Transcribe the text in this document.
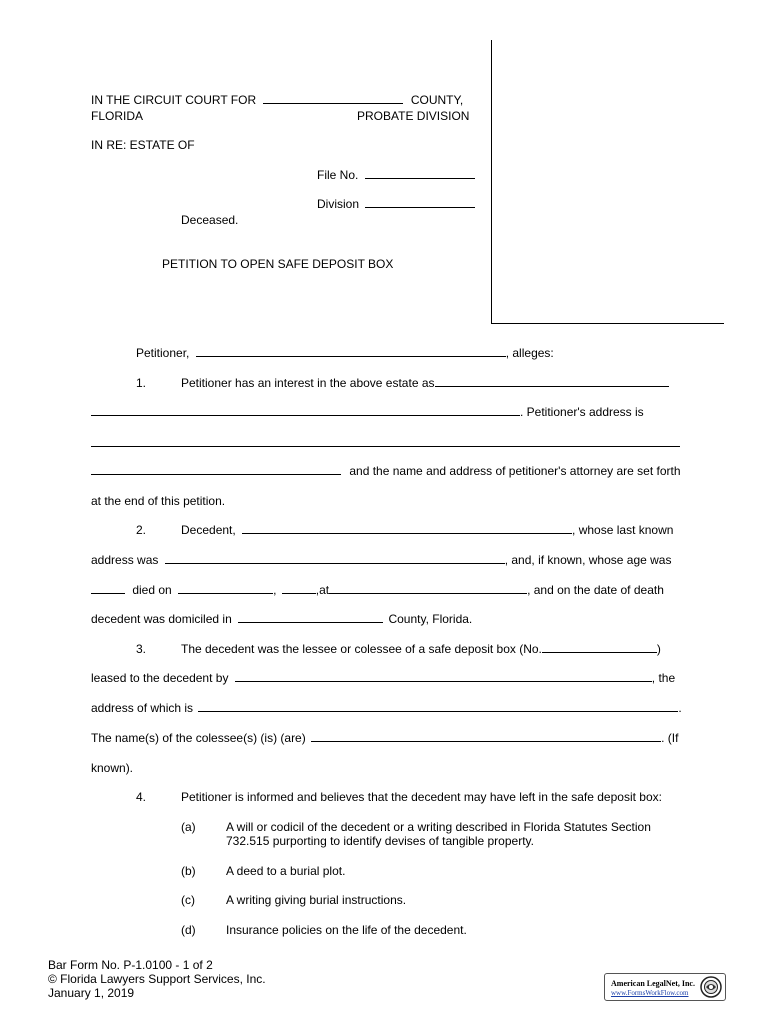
IN THE CIRCUIT COURT FOR	COUNTY,
FLORIDA	PROBATE DIVISION
IN RE: ESTATE OF
File No.
Division
Deceased.
PETITION TO OPEN SAFE DEPOSIT BOX
Petitioner,	, alleges:
1.	Petitioner has an interest in the above estate as
. Petitioner's address is
and the name and address of petitioner's attorney are set forth
at the end of this petition.
2.	Decedent,	, whose last known
address was	, and, if known, whose age was
died on	,	,at	, and on the date of death
decedent was domiciled in	County, Florida.
3.	The decedent was the lessee or colessee of a safe deposit box (No.	)
leased to the decedent by	, the
address of which is	.
The name(s) of the colessee(s) (is) (are)	. (If
known).
4.	Petitioner is informed and believes that the decedent may have left in the safe deposit box:
(a)	A will or codicil of the decedent or a writing described in Florida Statutes Section
732.515 purporting to identify devises of tangible property.
(b)	A deed to a burial plot.
(c)	A writing giving burial instructions.
(d)	Insurance policies on the life of the decedent.
Bar Form No. P-1.0100 - 1 of 2
© Florida Lawyers Support Services, Inc.
January 1, 2019
American LegalNet, Inc.
www.FormsWorkFlow.com
